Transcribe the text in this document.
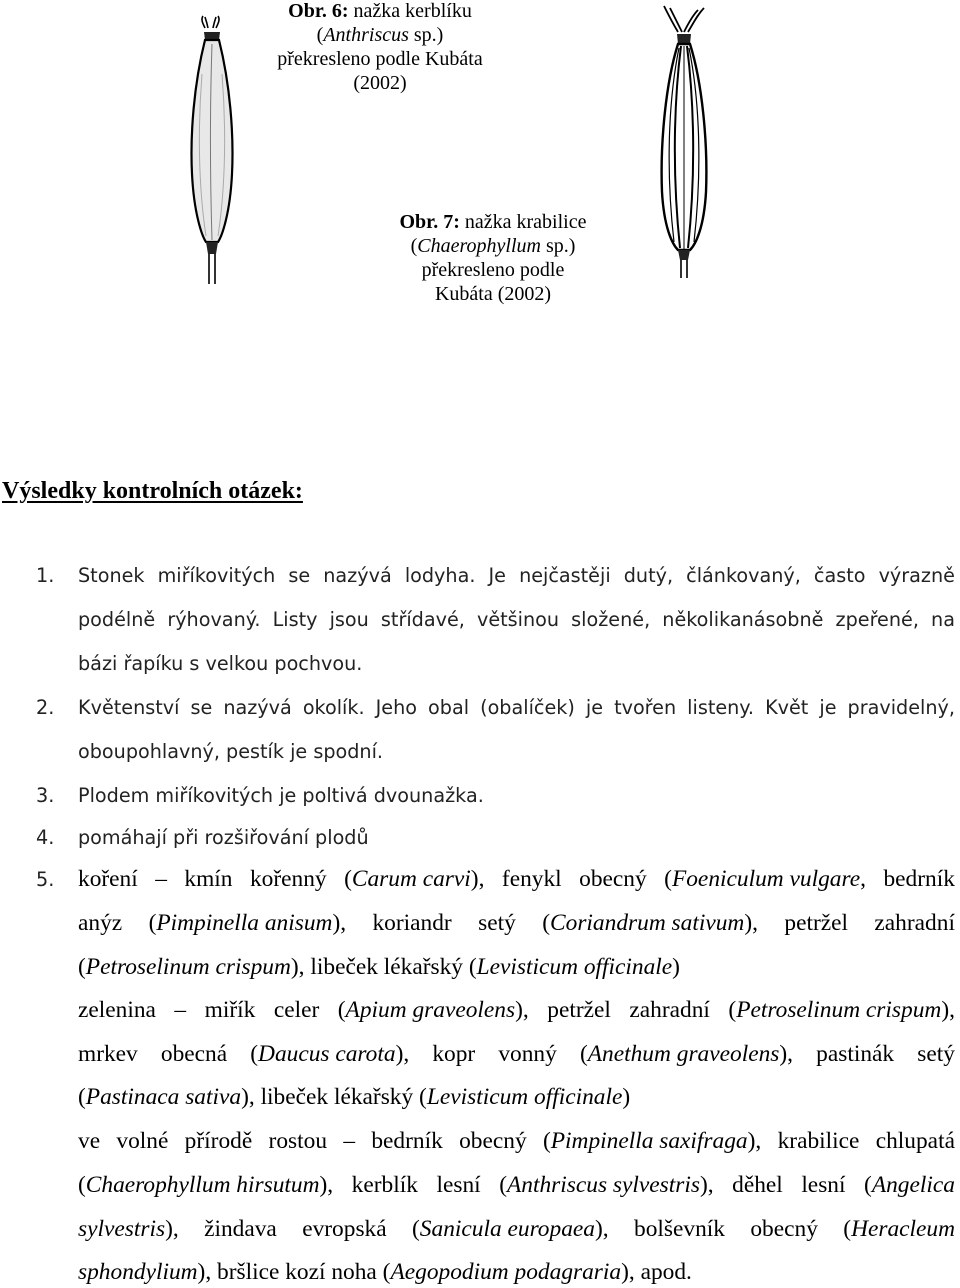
Obr. 6: nažka kerblíku
(Anthriscus sp.)
překresleno podle Kubáta
(2002)
Obr. 7: nažka krabilice
(Chaerophyllum sp.)
překresleno podle
Kubáta (2002)
Výsledky kontrolních otázek:
1. Stonek miříkovitých se nazývá lodyha. Je nejčastěji dutý, článkovaný, často výrazně
podélně rýhovaný. Listy jsou střídavé, většinou složené, několikanásobně zpeřené, na
bázi řapíku s velkou pochvou.
2. Květenství se nazývá okolík. Jeho obal (obalíček) je tvořen listeny. Květ je pravidelný,
oboupohlavný, pestík je spodní.
3. Plodem miříkovitých je poltivá dvounažka.
4. pomáhají při rozšiřování plodů
5. koření – kmín kořenný (Carum carvi), fenykl obecný (Foeniculum vulgare, bedrník
anýz (Pimpinella anisum), koriandr setý (Coriandrum sativum), petržel zahradní
(Petroselinum crispum), libeček lékařský (Levisticum officinale)
zelenina – miřík celer (Apium graveolens), petržel zahradní (Petroselinum crispum),
mrkev obecná (Daucus carota), kopr vonný (Anethum graveolens), pastinák setý
(Pastinaca sativa), libeček lékařský (Levisticum officinale)
ve volné přírodě rostou – bedrník obecný (Pimpinella saxifraga), krabilice chlupatá
(Chaerophyllum hirsutum), kerblík lesní (Anthriscus sylvestris), děhel lesní (Angelica
sylvestris), žindava evropská (Sanicula europaea), bolševník obecný (Heracleum
sphondylium), bršlice kozí noha (Aegopodium podagraria), apod.
